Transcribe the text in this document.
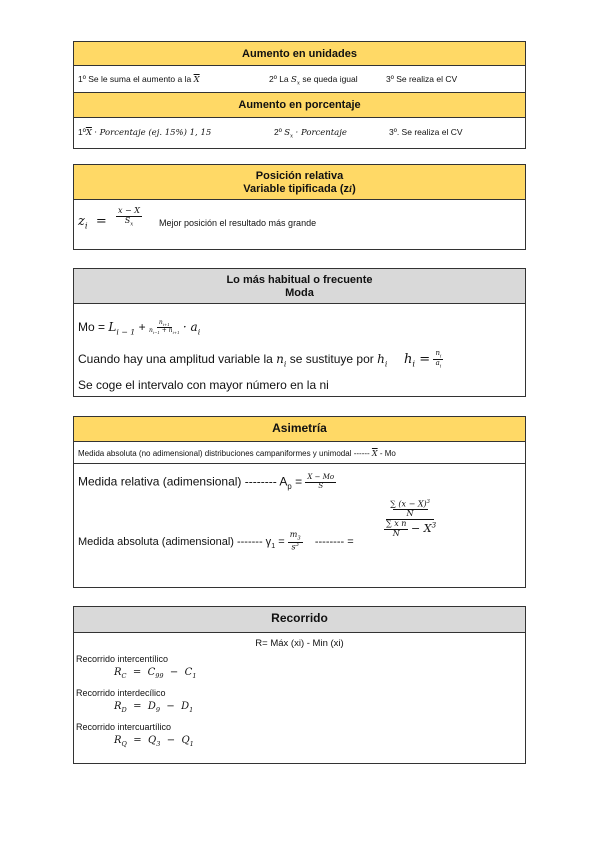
Aumento en unidades
1º Se le suma el aumento a la $\overline{X}$	2º La $S_x$ se queda igual	3º Se realiza el CV
Aumento en porcentaje
$1º\overline{X}$ · Porcentaje (ej. 15%) 1, 15	2º $S_x$ · Porcentaje	3º. Se realiza el CV
Posición relativa
Variable tipificada (zi)
$z_i = \frac{x - X}{S_x}$ Mejor posición el resultado más grande
Lo más habitual o frecuente
Moda
$Mo = L_{i - 1} + \frac{n_{i+1}}{n_{i-1} + n_{i+1}} \cdot a_i$
Cuando hay una amplitud variable la $n_i$ se sustituye por $h_i$ $h_i = \frac{n_i}{a_i}$
Se coge el intervalo con mayor número en la ni
Asimetría
Medida absoluta (no adimensional) distribuciones campaniformes y unimodal ------ $\overline{X}$ - Mo
Medida relativa (adimensional) -------- $A_p = \frac{X - Mo}{S}$
Medida absoluta (adimensional) ------- $\gamma_1 = \frac{m_3}{s^3}$ -------- =
$\frac{\frac{\sum (x - X)^3}{N}}{\frac{\text{∑ x n}}{N} - X^3}$
Recorrido
R= Máx (xi) - Min (xi)
Recorrido intercentílico
$R_C = C_{99} - C_1$
Recorrido interdecílico
$R_D = D_9 - D_1$
Recorrido intercuartílico
$R_Q = Q_3 - Q_1$
